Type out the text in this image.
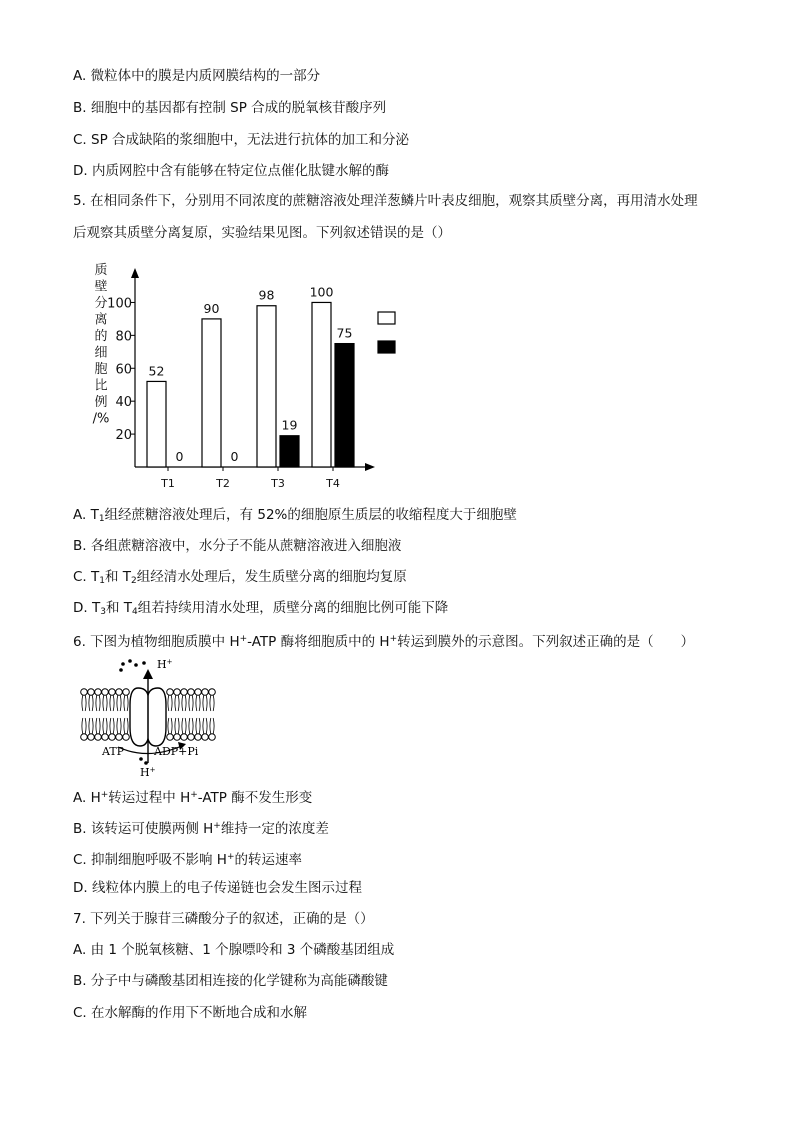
A. 微粒体中的膜是内质网膜结构的一部分
B. 细胞中的基因都有控制 SP 合成的脱氧核苷酸序列
C. SP 合成缺陷的浆细胞中，无法进行抗体的加工和分泌
D. 内质网腔中含有能够在特定位点催化肽键水解的酶
5. 在相同条件下，分别用不同浓度的蔗糖溶液处理洋葱鳞片叶表皮细胞，观察其质壁分离，再用清水处理
后观察其质壁分离复原，实验结果见图。下列叙述错误的是（）
质
壁
分
离
的
细
胞
比
例
/%
20
40
60
80
100
52
0
T1
90
0
T2
98
19
T3
100
75
T4
A. $T_1$组经蔗糖溶液处理后，有 52%的细胞原生质层的收缩程度大于细胞壁
B. 各组蔗糖溶液中，水分子不能从蔗糖溶液进入细胞液
C. $T_1$和 $T_2$组经清水处理后，发生质壁分离的细胞均复原
D. $T_3$和 $T_4$组若持续用清水处理，质壁分离的细胞比例可能下降
6. 下图为植物细胞质膜中 H+-ATP 酶将细胞质中的 H+转运到膜外的示意图。下列叙述正确的是（　　）
H+
ATP	ADP+Pi
H+
A. H+转运过程中 H+-ATP 酶不发生形变
B. 该转运可使膜两侧 H+维持一定的浓度差
C. 抑制细胞呼吸不影响 H+的转运速率
D. 线粒体内膜上的电子传递链也会发生图示过程
7. 下列关于腺苷三磷酸分子的叙述，正确的是（）
A. 由 1 个脱氧核糖、1 个腺嘌呤和 3 个磷酸基团组成
B. 分子中与磷酸基团相连接的化学键称为高能磷酸键
C. 在水解酶的作用下不断地合成和水解
